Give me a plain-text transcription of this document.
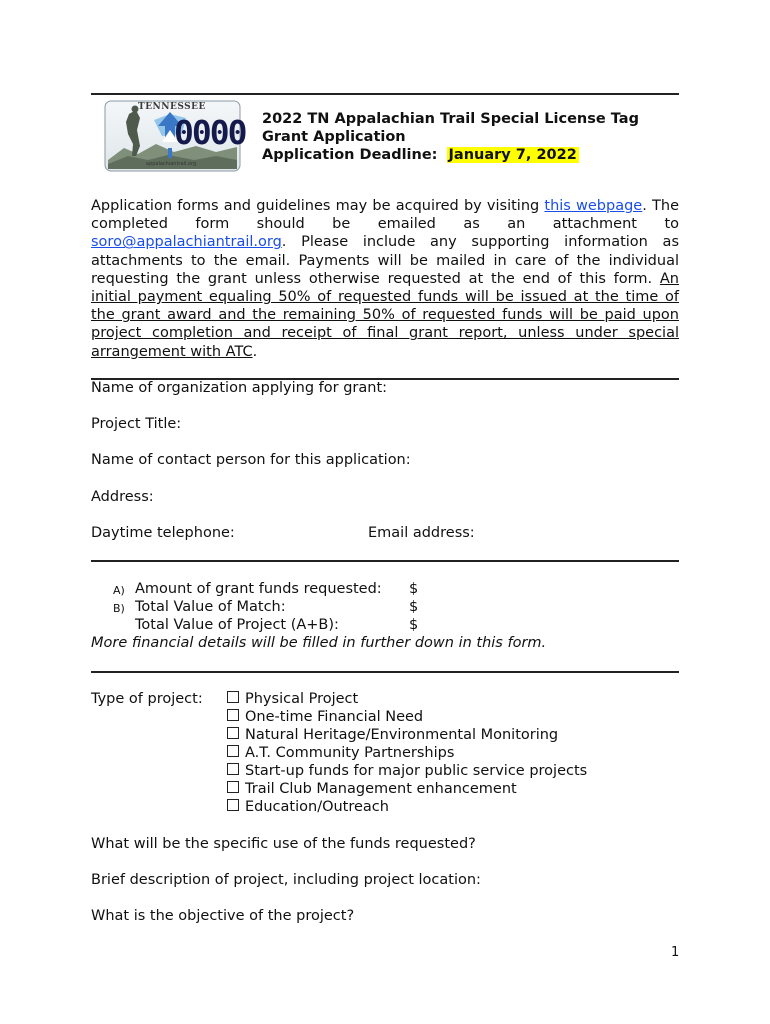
TENNESSEE
0000
appalachiantrail.org
2022 TN Appalachian Trail Special License Tag
Grant Application
Application Deadline: January 7, 2022
Application forms and guidelines may be acquired by visiting this webpage. The completed form should be emailed as an attachment to soro@appalachiantrail.org. Please include any supporting information as attachments to the email. Payments will be mailed in care of the individual requesting the grant unless otherwise requested at the end of this form. An initial payment equaling 50% of requested funds will be issued at the time of the grant award and the remaining 50% of requested funds will be paid upon project completion and receipt of final grant report, unless under special arrangement with ATC.
Name of organization applying for grant:
Project Title:
Name of contact person for this application:
Address:
Daytime telephone:	Email address:
A) Amount of grant funds requested: $
B) Total Value of Match:	$
Total Value of Project (A+B):	$
More financial details will be filled in further down in this form.
Type of project:	Physical Project
One-time Financial Need
Natural Heritage/Environmental Monitoring
A.T. Community Partnerships
Start-up funds for major public service projects
Trail Club Management enhancement
Education/Outreach
What will be the specific use of the funds requested?
Brief description of project, including project location:
What is the objective of the project?
1
